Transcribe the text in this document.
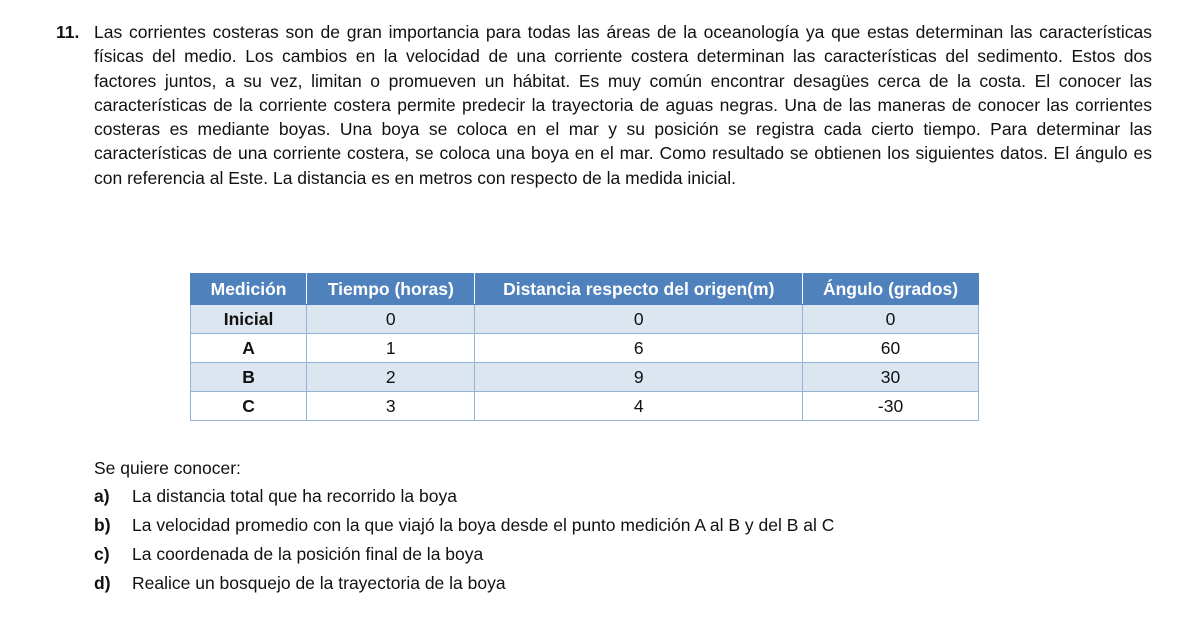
11. Las corrientes costeras son de gran importancia para todas las áreas de la oceanología ya que estas determinan las características físicas del medio. Los cambios en la velocidad de una corriente costera determinan las características del sedimento. Estos dos factores juntos, a su vez, limitan o promueven un hábitat. Es muy común encontrar desagües cerca de la costa. El conocer las características de la corriente costera permite predecir la trayectoria de aguas negras. Una de las maneras de conocer las corrientes costeras es mediante boyas. Una boya se coloca en el mar y su posición se registra cada cierto tiempo. Para determinar las características de una corriente costera, se coloca una boya en el mar. Como resultado se obtienen los siguientes datos. El ángulo es con referencia al Este. La distancia es en metros con respecto de la medida inicial.

Medición	Tiempo (horas)	Distancia respecto del origen(m)	Ángulo (grados)
Inicial	0	0	0
A	1	6	60
B	2	9	30
C	3	4	-30

Se quiere conocer:

a)	La distancia total que ha recorrido la boya
b)	La velocidad promedio con la que viajó la boya desde el punto medición A al B y del B al C
c)	La coordenada de la posición final de la boya
d)	Realice un bosquejo de la trayectoria de la boya
